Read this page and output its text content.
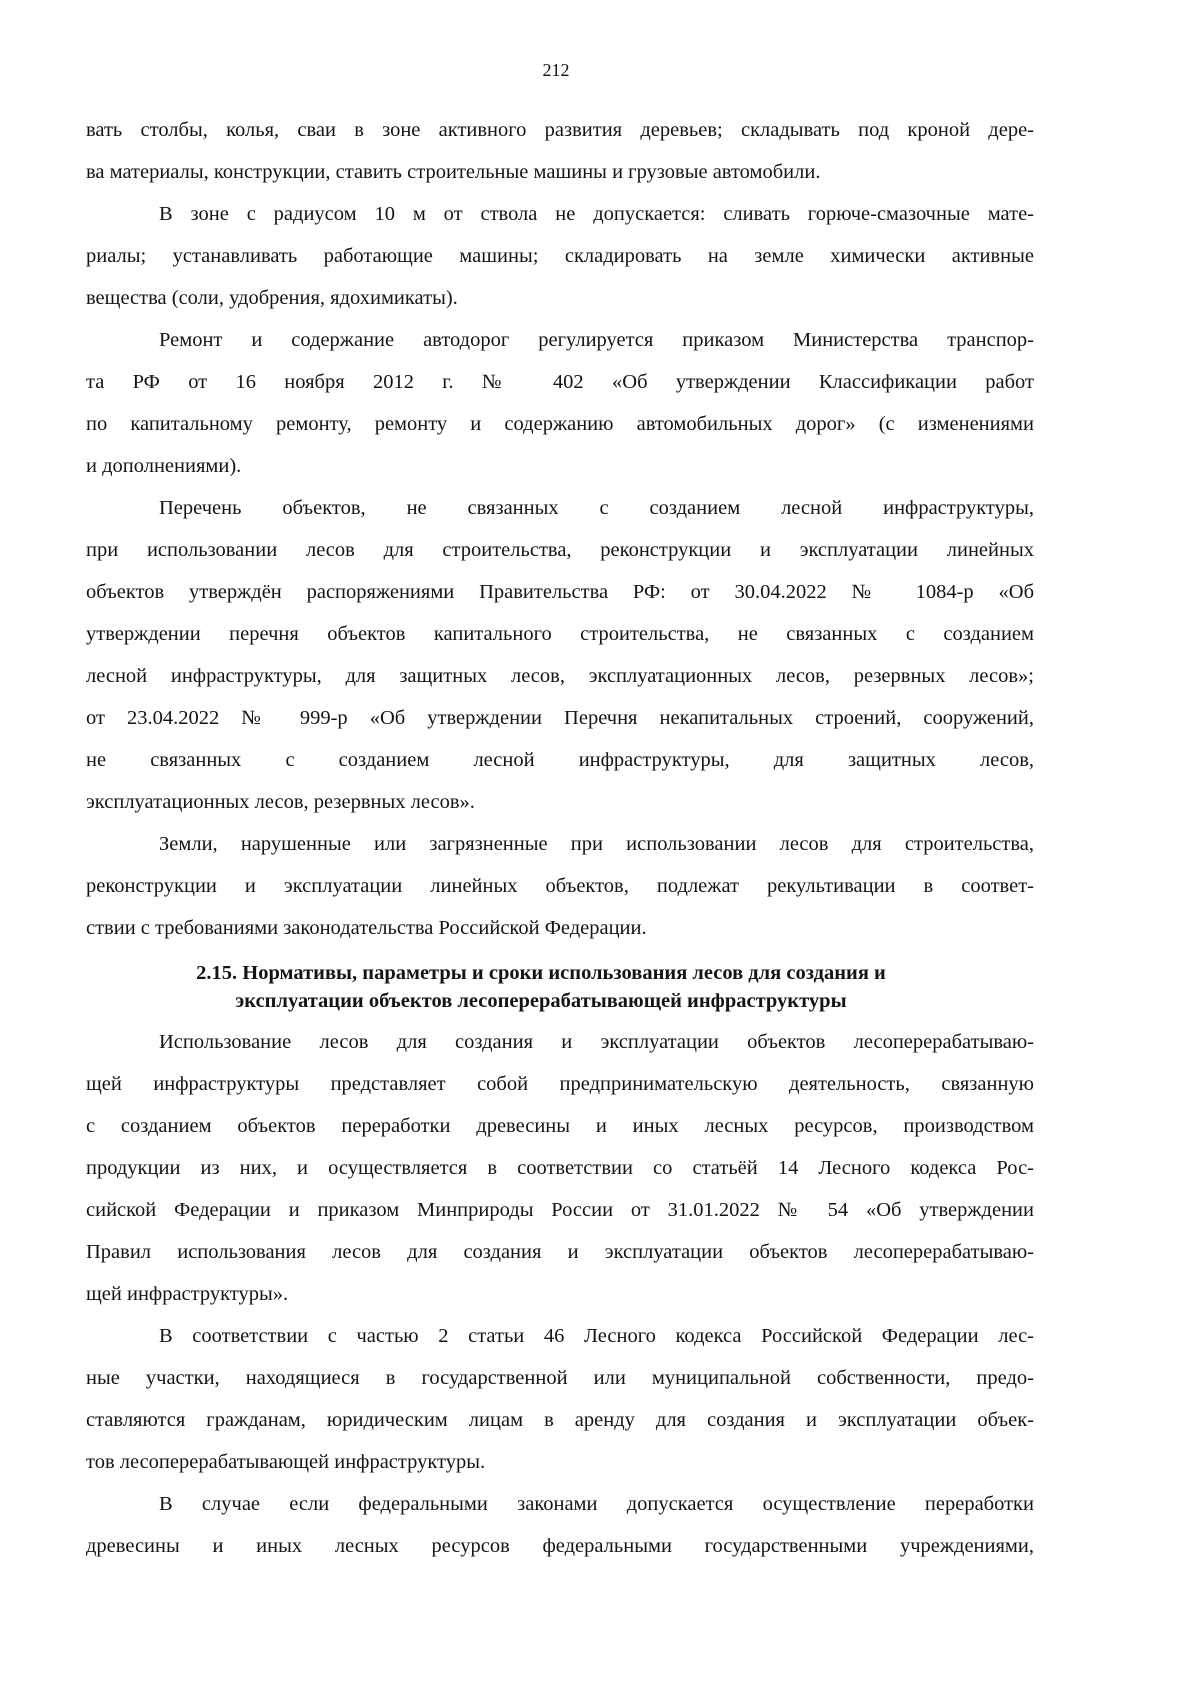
212
вать столбы, колья, сваи в зоне активного развития деревьев; складывать под кроной дере-
ва материалы, конструкции, ставить строительные машины и грузовые автомобили.
В зоне с радиусом 10 м от ствола не допускается: сливать горюче-смазочные мате-
риалы; устанавливать работающие машины; складировать на земле химически активные
вещества (соли, удобрения, ядохимикаты).
Ремонт и содержание автодорог регулируется приказом Министерства транспор-
та РФ от 16 ноября 2012 г. № 402 «Об утверждении Классификации работ
по капитальному ремонту, ремонту и содержанию автомобильных дорог» (с изменениями
и дополнениями).
Перечень объектов, не связанных с созданием лесной инфраструктуры,
при использовании лесов для строительства, реконструкции и эксплуатации линейных
объектов утверждён распоряжениями Правительства РФ: от 30.04.2022 № 1084-р «Об
утверждении перечня объектов капитального строительства, не связанных с созданием
лесной инфраструктуры, для защитных лесов, эксплуатационных лесов, резервных лесов»;
от 23.04.2022 № 999-р «Об утверждении Перечня некапитальных строений, сооружений,
не связанных с созданием лесной инфраструктуры, для защитных лесов,
эксплуатационных лесов, резервных лесов».
Земли, нарушенные или загрязненные при использовании лесов для строительства,
реконструкции и эксплуатации линейных объектов, подлежат рекультивации в соответ-
ствии с требованиями законодательства Российской Федерации.
2.15. Нормативы, параметры и сроки использования лесов для создания и
эксплуатации объектов лесоперерабатывающей инфраструктуры
Использование лесов для создания и эксплуатации объектов лесоперерабатываю-
щей инфраструктуры представляет собой предпринимательскую деятельность, связанную
с созданием объектов переработки древесины и иных лесных ресурсов, производством
продукции из них, и осуществляется в соответствии со статьёй 14 Лесного кодекса Рос-
сийской Федерации и приказом Минприроды России от 31.01.2022 № 54 «Об утверждении
Правил использования лесов для создания и эксплуатации объектов лесоперерабатываю-
щей инфраструктуры».
В соответствии с частью 2 статьи 46 Лесного кодекса Российской Федерации лес-
ные участки, находящиеся в государственной или муниципальной собственности, предо-
ставляются гражданам, юридическим лицам в аренду для создания и эксплуатации объек-
тов лесоперерабатывающей инфраструктуры.
В случае если федеральными законами допускается осуществление переработки
древесины и иных лесных ресурсов федеральными государственными учреждениями,
